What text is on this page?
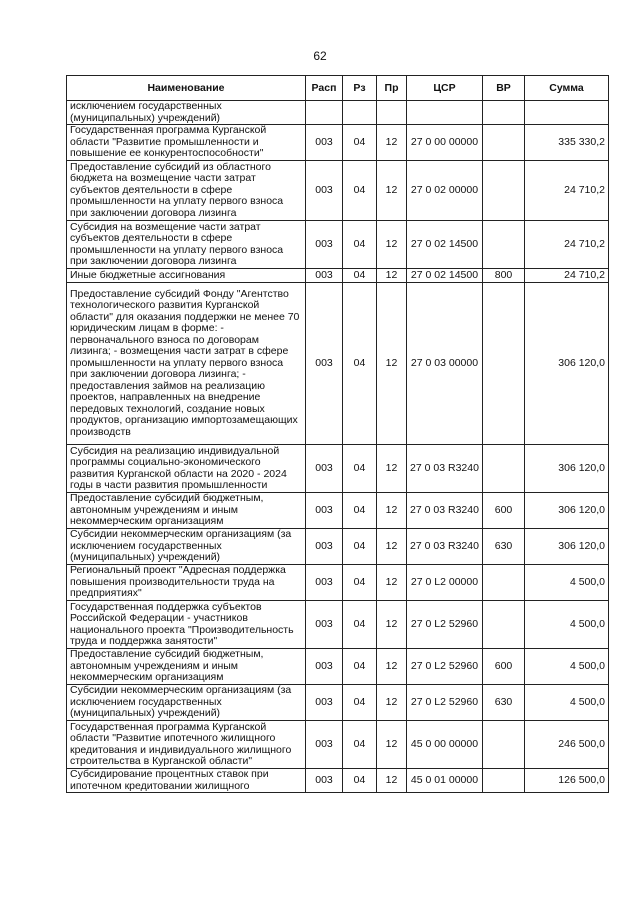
62
Наименование	Расп	Рз	Пр	ЦСР	ВР	Сумма
исключением государственных (муниципальных) учреждений)						
Государственная программа Курганской области "Развитие промышленности и повышение ее конкурентоспособности"	003	04	12	27 0 00 00000		335 330,2
Предоставление субсидий из областного бюджета на возмещение части затрат субъектов деятельности в сфере промышленности на уплату первого взноса при заключении договора лизинга	003	04	12	27 0 02 00000		24 710,2
Субсидия на возмещение части затрат субъектов деятельности в сфере промышленности на уплату первого взноса при заключении договора лизинга	003	04	12	27 0 02 14500		24 710,2
Иные бюджетные ассигнования	003	04	12	27 0 02 14500	800	24 710,2
Предоставление субсидий Фонду "Агентство технологического развития Курганской области" для оказания поддержки не менее 70 юридическим лицам в форме: - первоначального взноса по договорам лизинга; - возмещения части затрат в сфере промышленности на уплату первого взноса при заключении договора лизинга; - предоставления займов на реализацию проектов, направленных на внедрение передовых технологий, создание новых продуктов, организацию импортозамещающих производств	003	04	12	27 0 03 00000		306 120,0
Субсидия на реализацию индивидуальной программы социально-экономического развития Курганской области на 2020 - 2024 годы в части развития промышленности	003	04	12	27 0 03 R3240		306 120,0
Предоставление субсидий бюджетным, автономным учреждениям и иным некоммерческим организациям	003	04	12	27 0 03 R3240	600	306 120,0
Субсидии некоммерческим организациям (за исключением государственных (муниципальных) учреждений)	003	04	12	27 0 03 R3240	630	306 120,0
Региональный проект "Адресная поддержка повышения производительности труда на предприятиях"	003	04	12	27 0 L2 00000		4 500,0
Государственная поддержка субъектов Российской Федерации - участников национального проекта "Производительность труда и поддержка занятости"	003	04	12	27 0 L2 52960		4 500,0
Предоставление субсидий бюджетным, автономным учреждениям и иным некоммерческим организациям	003	04	12	27 0 L2 52960	600	4 500,0
Субсидии некоммерческим организациям (за исключением государственных (муниципальных) учреждений)	003	04	12	27 0 L2 52960	630	4 500,0
Государственная программа Курганской области "Развитие ипотечного жилищного кредитования и индивидуального жилищного строительства в Курганской области"	003	04	12	45 0 00 00000		246 500,0
Субсидирование процентных ставок при ипотечном кредитовании жилищного	003	04	12	45 0 01 00000		126 500,0
